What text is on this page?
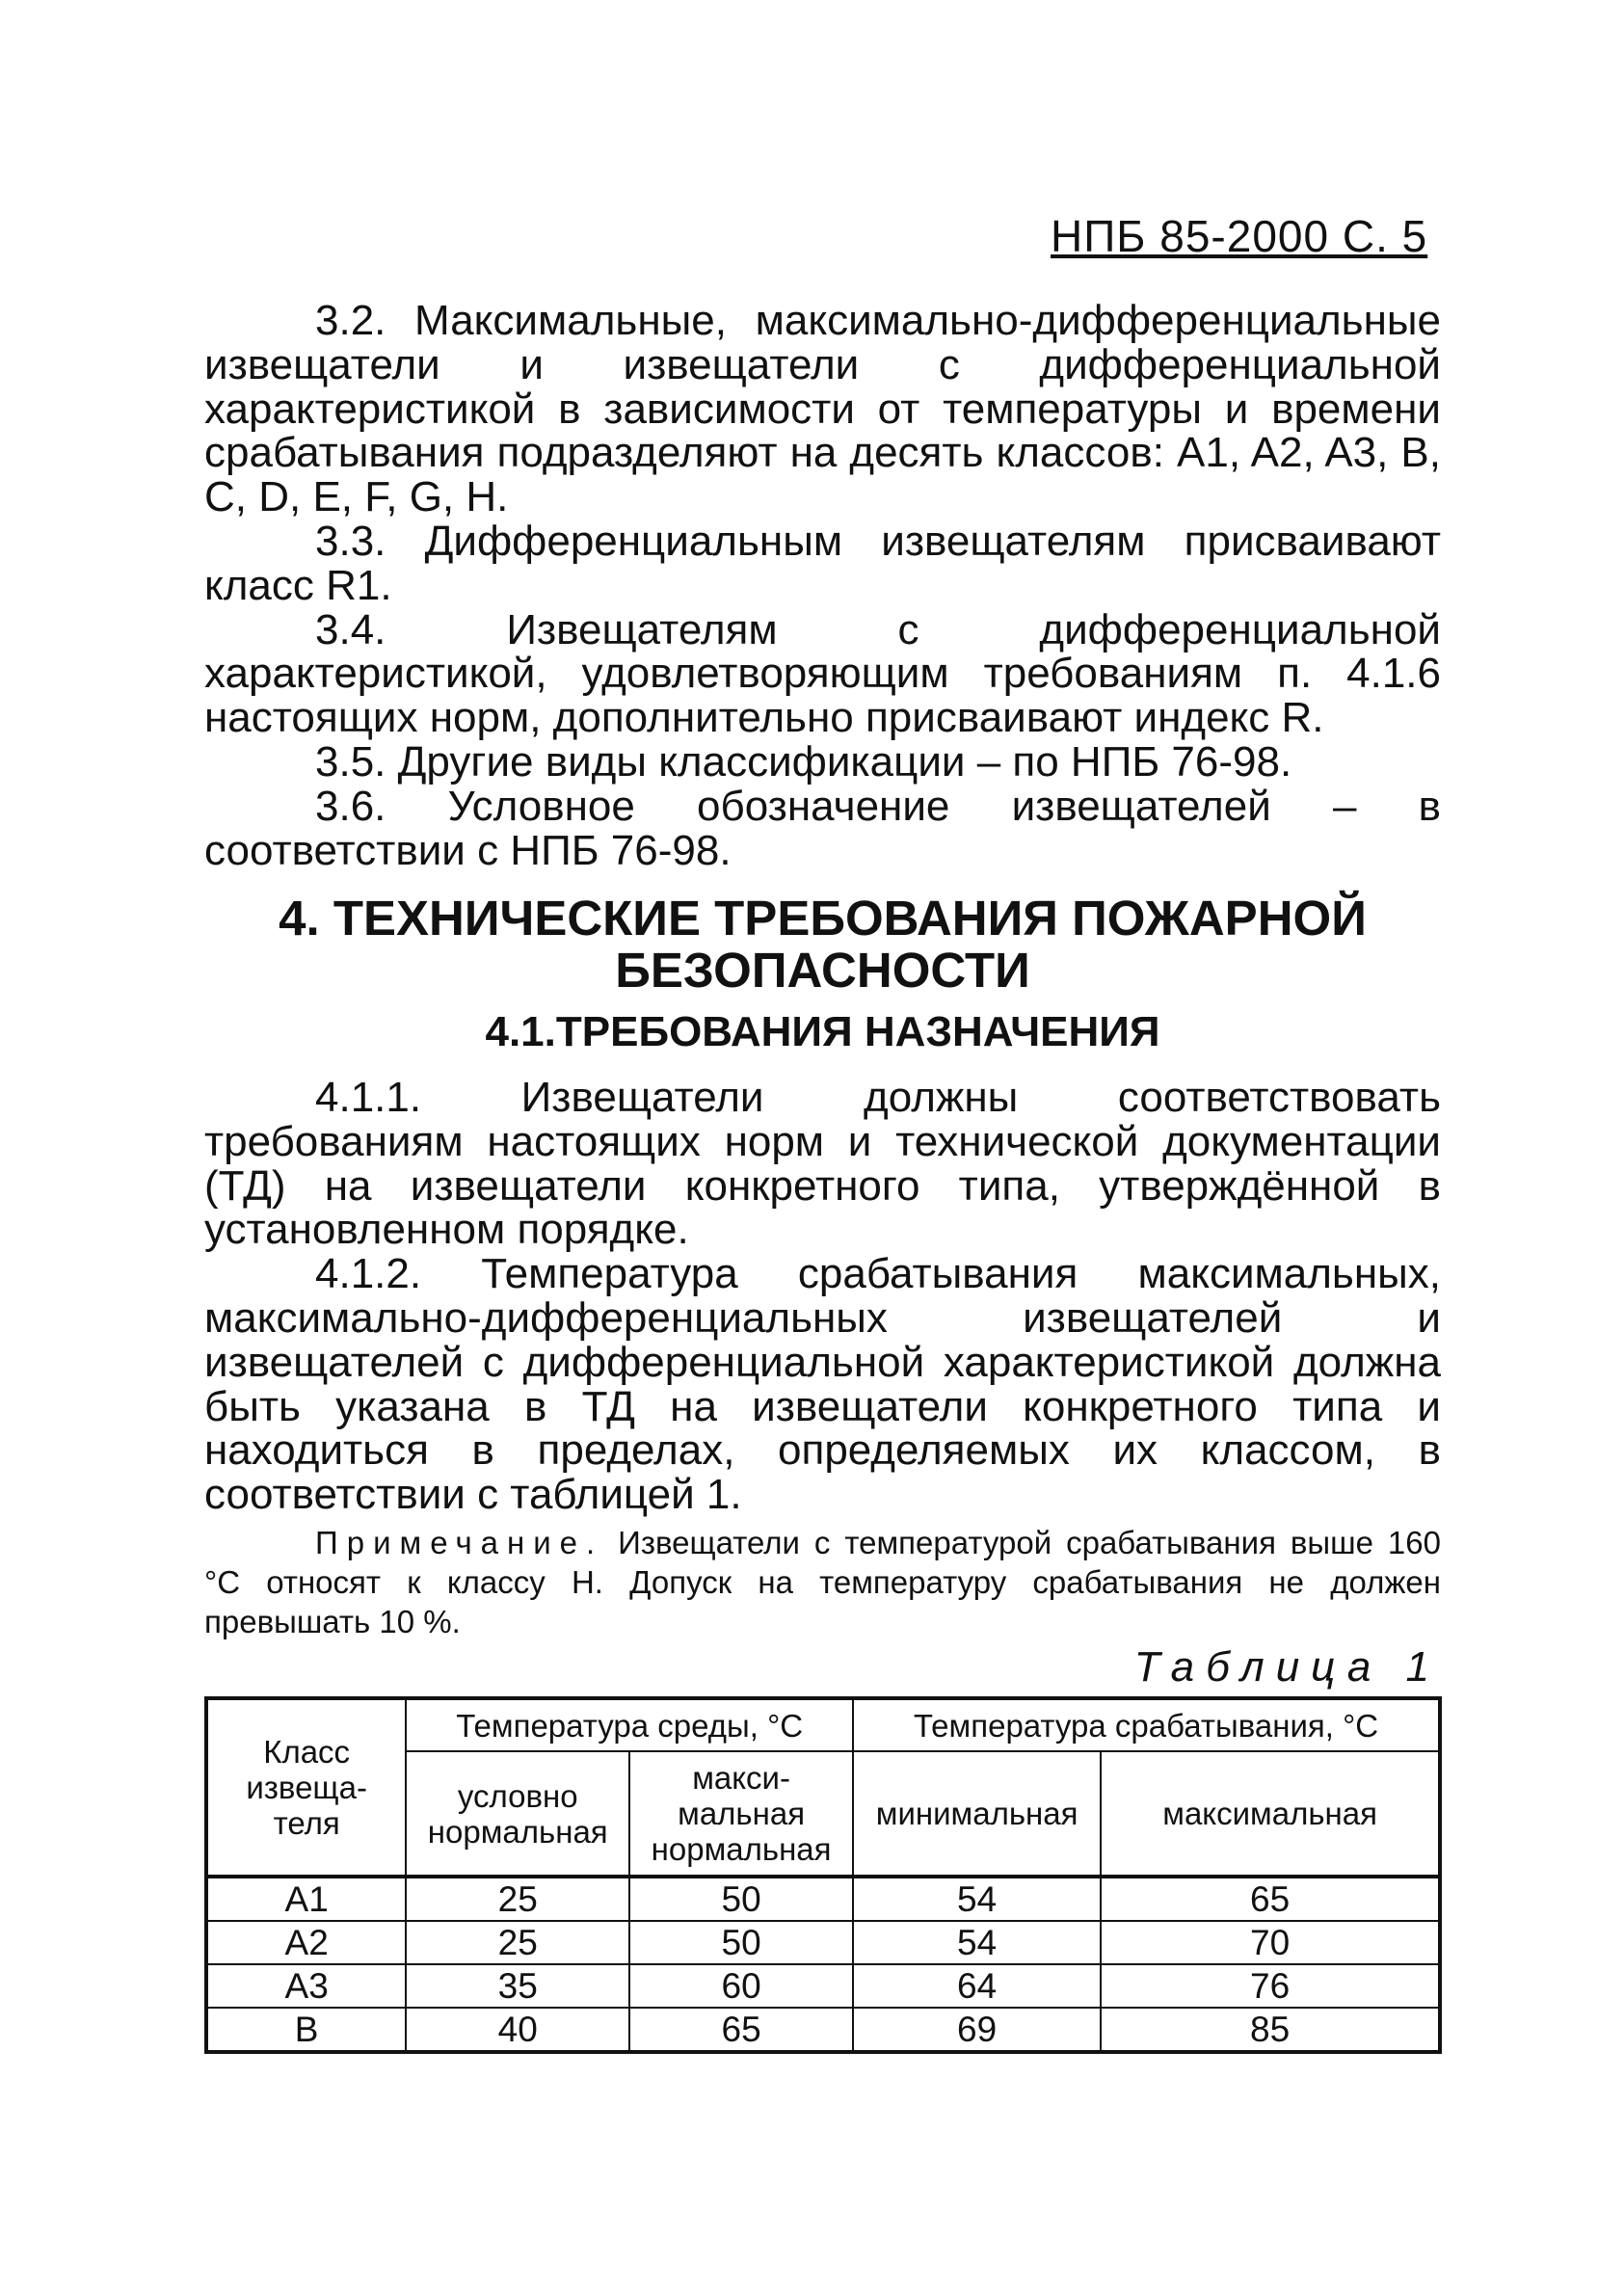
НПБ 85-2000 С. 5

3.2. Максимальные, максимально-дифференциальные извещатели и извещатели с дифференциальной характеристикой в зависимости от температуры и времени срабатывания подразделяют на десять классов: A1, A2, A3, B, C, D, E, F, G, H.

3.3. Дифференциальным извещателям присваивают класс R1.

3.4. Извещателям с дифференциальной характеристикой, удовлетворяющим требованиям п. 4.1.6 настоящих норм, дополнительно присваивают индекс R.

3.5. Другие виды классификации – по НПБ 76-98.

3.6. Условное обозначение извещателей – в соответствии с НПБ 76-98.

4. ТЕХНИЧЕСКИЕ ТРЕБОВАНИЯ ПОЖАРНОЙ
БЕЗОПАСНОСТИ
4.1.ТРЕБОВАНИЯ НАЗНАЧЕНИЯ

4.1.1. Извещатели должны соответствовать требованиям настоящих норм и технической документации (ТД) на извещатели конкретного типа, утверждённой в установленном порядке.

4.1.2. Температура срабатывания максимальных, максимально-дифференциальных извещателей и извещателей с дифференциальной характеристикой должна быть указана в ТД на извещатели конкретного типа и находиться в пределах, определяемых их классом, в соответствии с таблицей 1.

Примечание. Извещатели с температурой срабатывания выше 160 °С относят к классу H. Допуск на температуру срабатывания не должен превышать 10 %.
Таблица 1
Класс извеща-теля	Температура среды, °С		Температура срабатывания, °С	
	условно нормальная	макси-мальная нормальная	минимальная	максимальная
A1	25	50	54	65
A2	25	50	54	70
A3	35	60	64	76
B	40	65	69	85
